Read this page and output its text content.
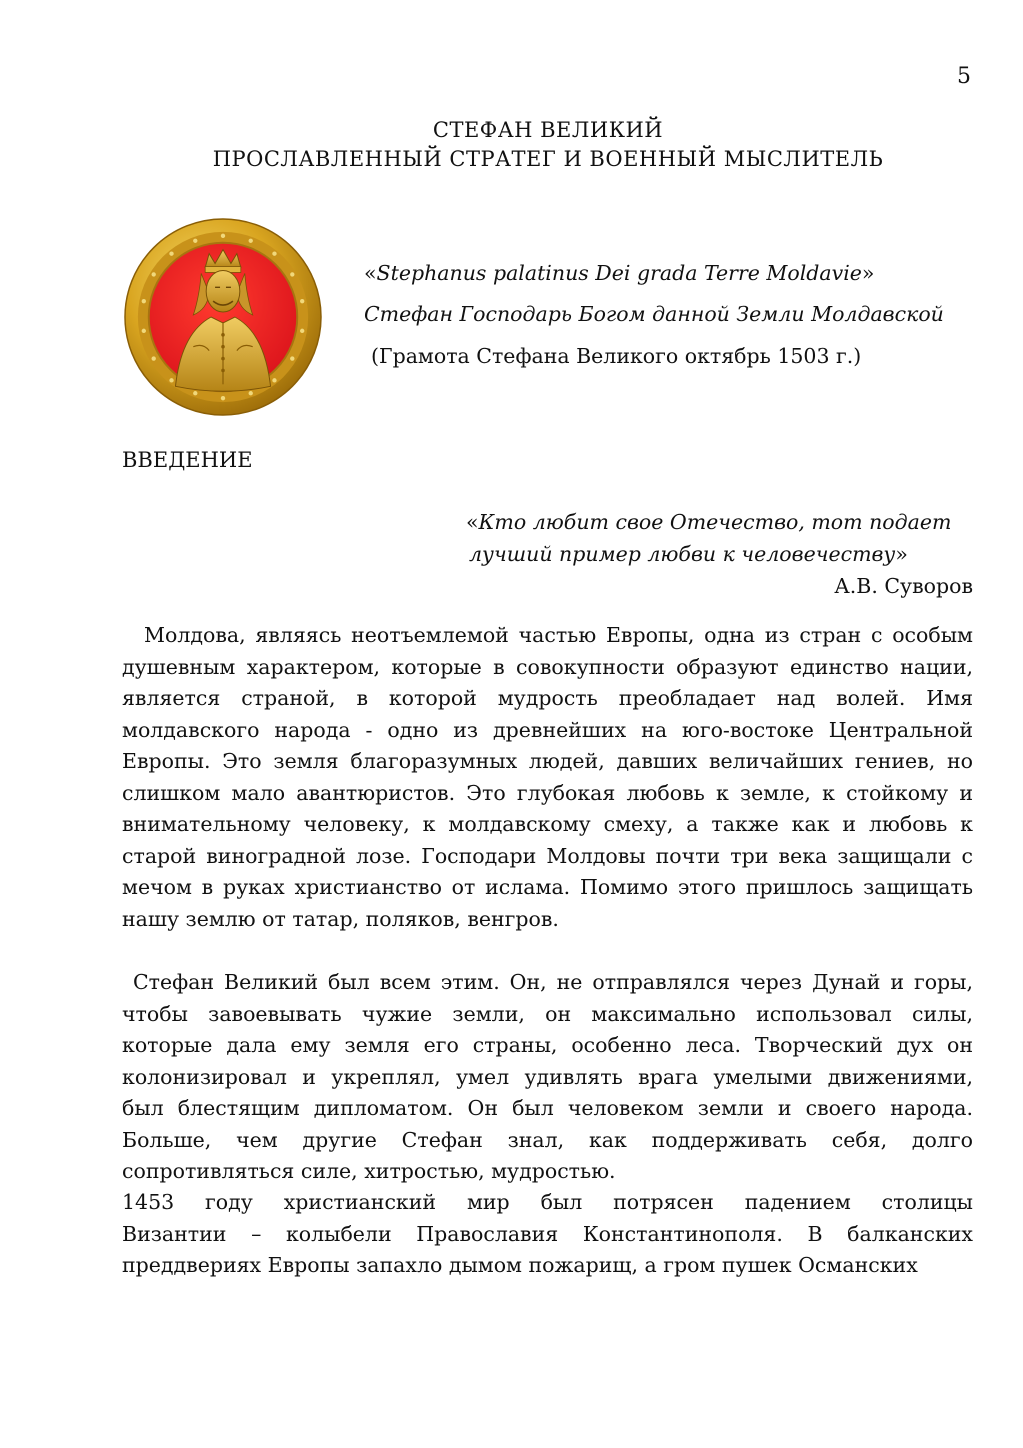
5
СТЕФАН ВЕЛИКИЙ
ПРОСЛАВЛЕННЫЙ СТРАТЕГ И ВОЕННЫЙ МЫСЛИТЕЛЬ
«Stephanus palatinus Dei grada Terre Moldavie»
Стефан Господарь Богом данной Земли Молдавской
(Грамота Стефана Великого октябрь 1503 г.)
ВВЕДЕНИЕ
«Кто любит свое Отечество, тот подает
лучший пример любви к человечеству»
А.В. Суворов
Молдова, являясь неотъемлемой частью Европы, одна из стран с особым
душевным характером, которые в совокупности образуют единство нации,
является страной, в которой мудрость преобладает над волей. Имя
молдавского народа - одно из древнейших на юго-востоке Центральной
Европы. Это земля благоразумных людей, давших величайших гениев, но
слишком мало авантюристов. Это глубокая любовь к земле, к стойкому и
внимательному человеку, к молдавскому смеху, а также как и любовь к
старой виноградной лозе. Господари Молдовы почти три века защищали с
мечом в руках христианство от ислама. Помимо этого пришлось защищать
нашу землю от татар, поляков, венгров.
Стефан Великий был всем этим. Он, не отправлялся через Дунай и горы,
чтобы завоевывать чужие земли, он максимально использовал силы,
которые дала ему земля его страны, особенно леса. Творческий дух он
колонизировал и укреплял, умел удивлять врага умелыми движениями,
был блестящим дипломатом. Он был человеком земли и своего народа.
Больше, чем другие Стефан знал, как поддерживать себя, долго
сопротивляться силе, хитростью, мудростью.
1453 году христианский мир был потрясен падением столицы
Византии – колыбели Православия Константинополя. В балканских
преддвериях Европы запахло дымом пожарищ, а гром пушек Османских
